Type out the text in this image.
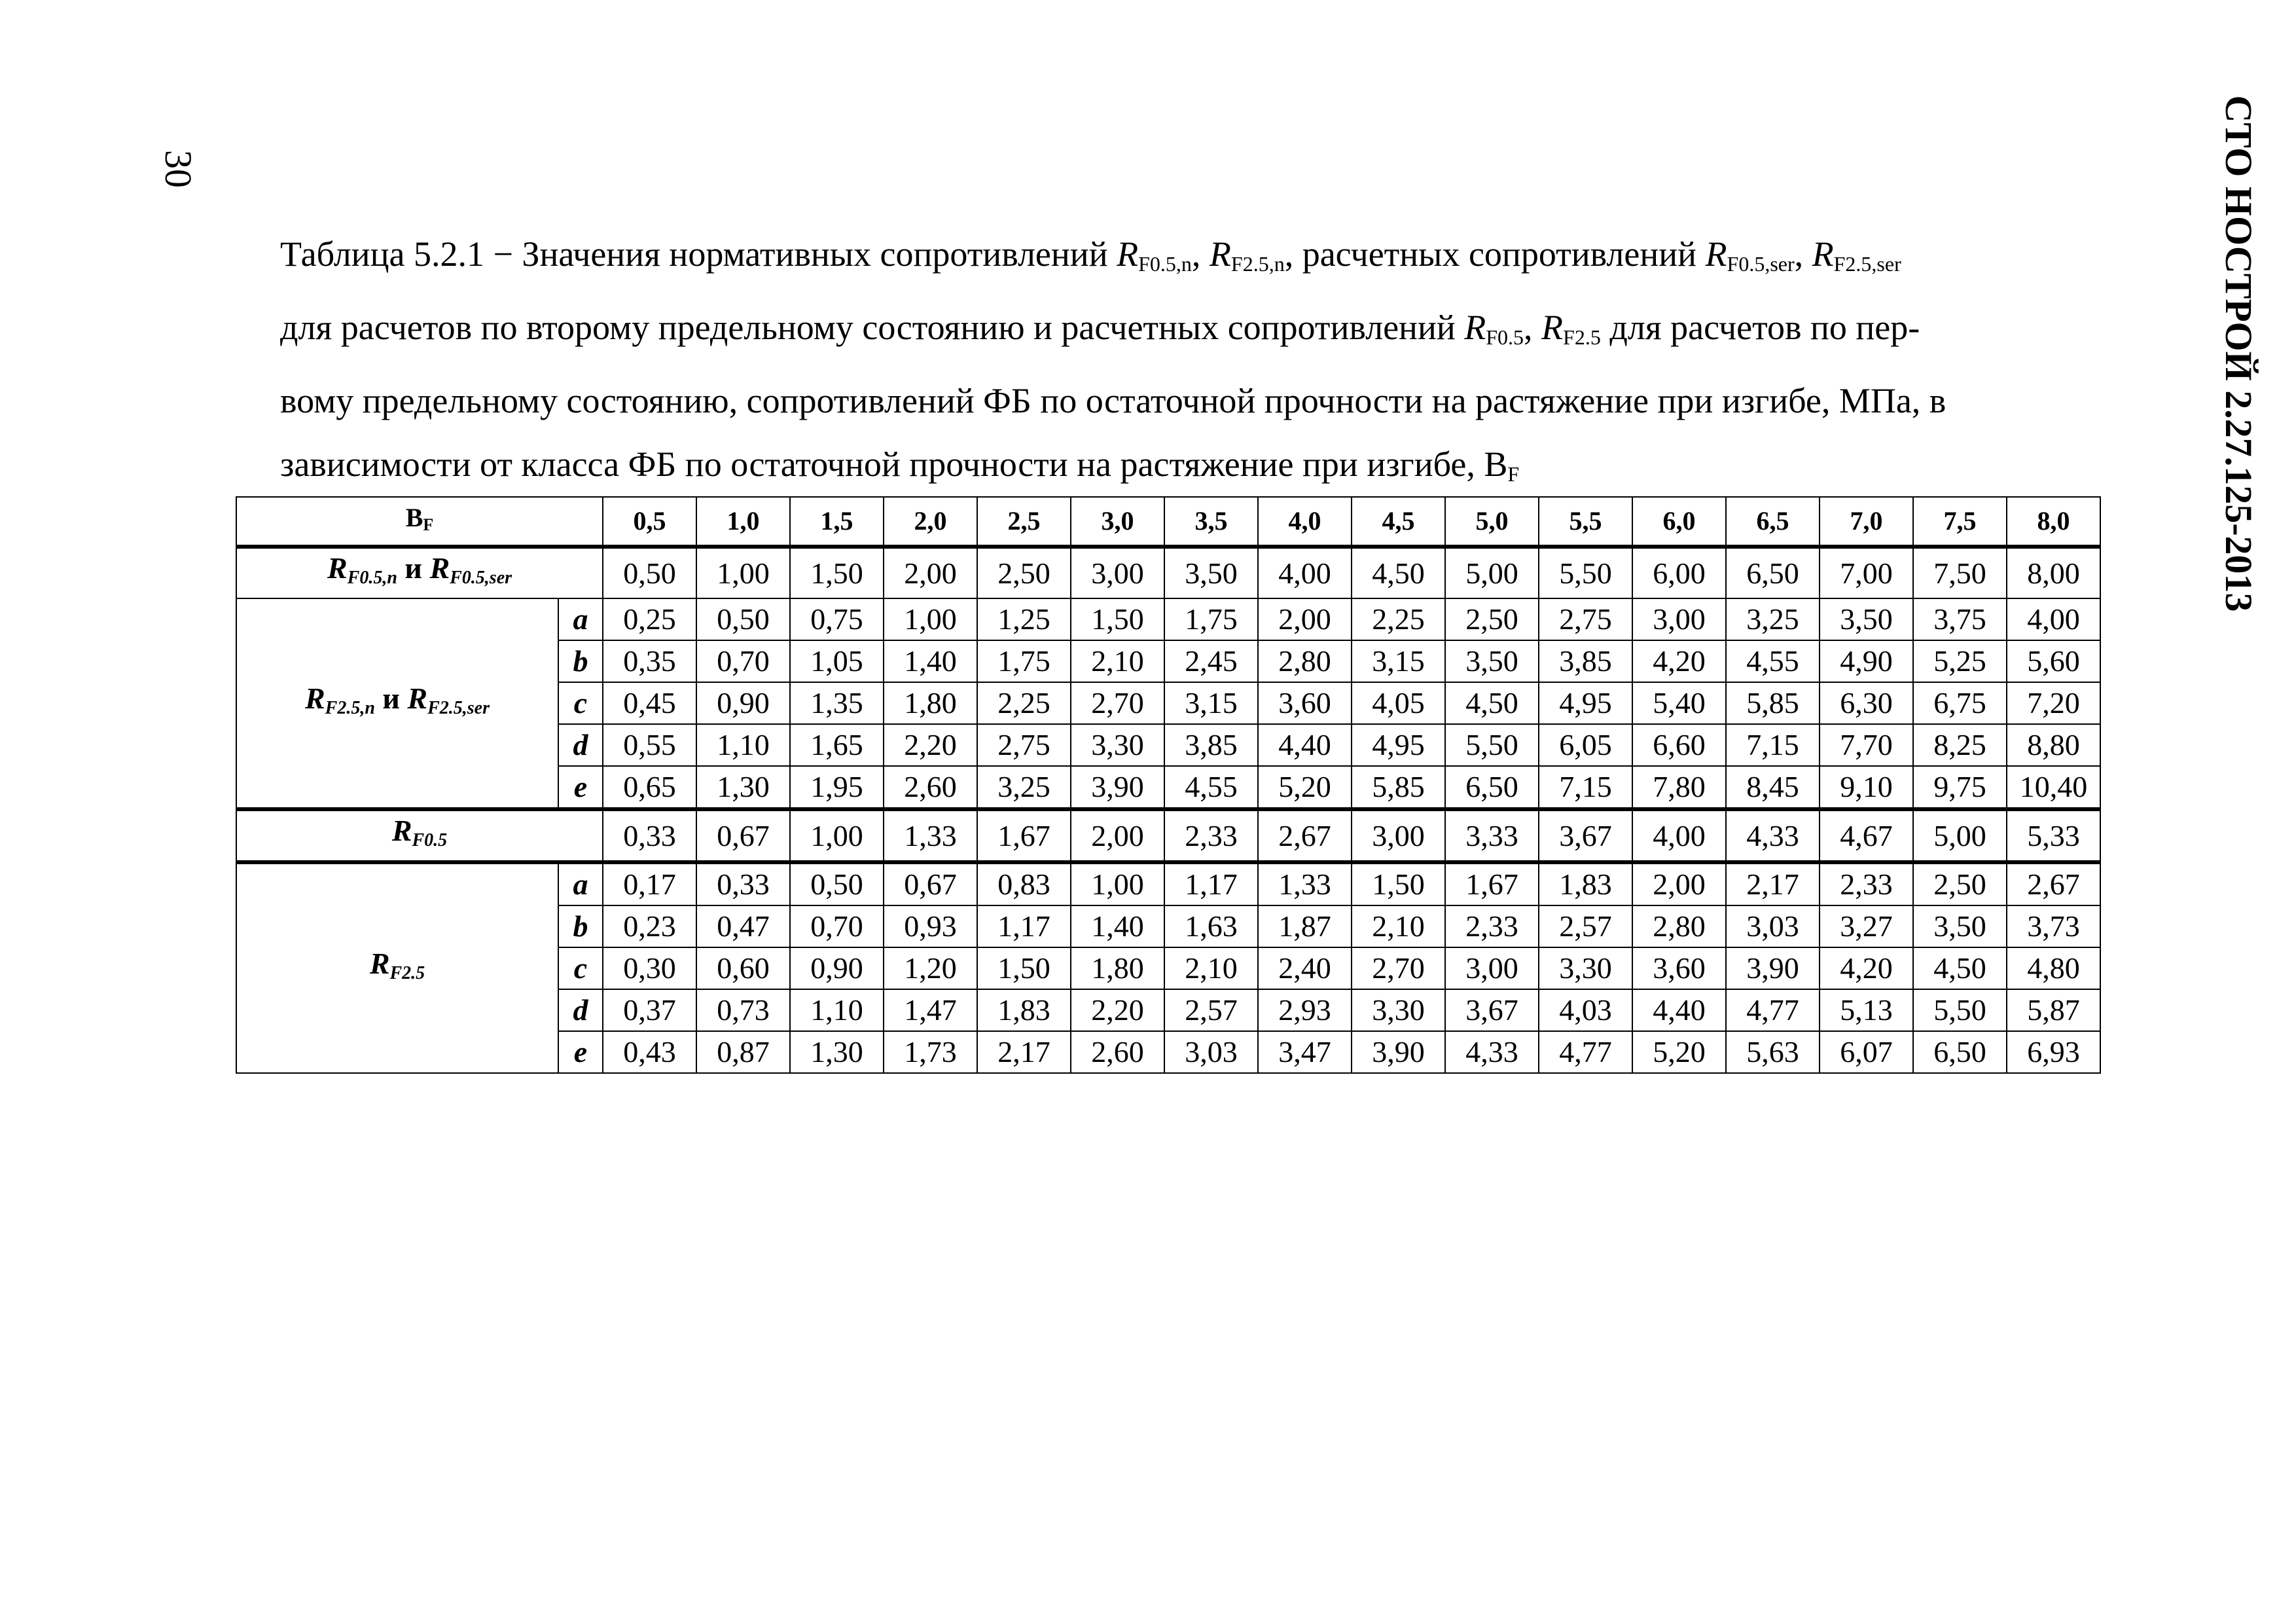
30	СТО НОСТРОЙ 2.27.125-2013
Таблица 5.2.1 − Значения нормативных сопротивлений $R_{F0.5,n}$, $R_{F2.5,n}$, расчетных сопротивлений $R_{F0.5,ser}$, $R_{F2.5,ser}$
для расчетов по второму предельному состоянию и расчетных сопротивлений $R_{F0.5}$, $R_{F2.5}$ для расчетов по пер-
вому предельному состоянию, сопротивлений ФБ по остаточной прочности на растяжение при изгибе, МПа, в
зависимости от класса ФБ по остаточной прочности на растяжение при изгибе, $B_F$
BF		0,5	1,0	1,5	2,0	2,5	3,0	3,5	4,0	4,5	5,0	5,5	6,0	6,5	7,0	7,5	8,0
$R_{F0.5,n}$ и $R_{F0.5,ser}$		0,50	1,00	1,50	2,00	2,50	3,00	3,50	4,00	4,50	5,00	5,50	6,00	6,50	7,00	7,50	8,00
$R_{F2.5,n}$ и $R_{F2.5,ser}$	a	0,25	0,50	0,75	1,00	1,25	1,50	1,75	2,00	2,25	2,50	2,75	3,00	3,25	3,50	3,75	4,00
	b	0,35	0,70	1,05	1,40	1,75	2,10	2,45	2,80	3,15	3,50	3,85	4,20	4,55	4,90	5,25	5,60
	c	0,45	0,90	1,35	1,80	2,25	2,70	3,15	3,60	4,05	4,50	4,95	5,40	5,85	6,30	6,75	7,20
	d	0,55	1,10	1,65	2,20	2,75	3,30	3,85	4,40	4,95	5,50	6,05	6,60	7,15	7,70	8,25	8,80
	e	0,65	1,30	1,95	2,60	3,25	3,90	4,55	5,20	5,85	6,50	7,15	7,80	8,45	9,10	9,75	10,40
$R_{F0.5}$		0,33	0,67	1,00	1,33	1,67	2,00	2,33	2,67	3,00	3,33	3,67	4,00	4,33	4,67	5,00	5,33
$R_{F2.5}$	a	0,17	0,33	0,50	0,67	0,83	1,00	1,17	1,33	1,50	1,67	1,83	2,00	2,17	2,33	2,50	2,67
	b	0,23	0,47	0,70	0,93	1,17	1,40	1,63	1,87	2,10	2,33	2,57	2,80	3,03	3,27	3,50	3,73
	c	0,30	0,60	0,90	1,20	1,50	1,80	2,10	2,40	2,70	3,00	3,30	3,60	3,90	4,20	4,50	4,80
	d	0,37	0,73	1,10	1,47	1,83	2,20	2,57	2,93	3,30	3,67	4,03	4,40	4,77	5,13	5,50	5,87
	e	0,43	0,87	1,30	1,73	2,17	2,60	3,03	3,47	3,90	4,33	4,77	5,20	5,63	6,07	6,50	6,93
